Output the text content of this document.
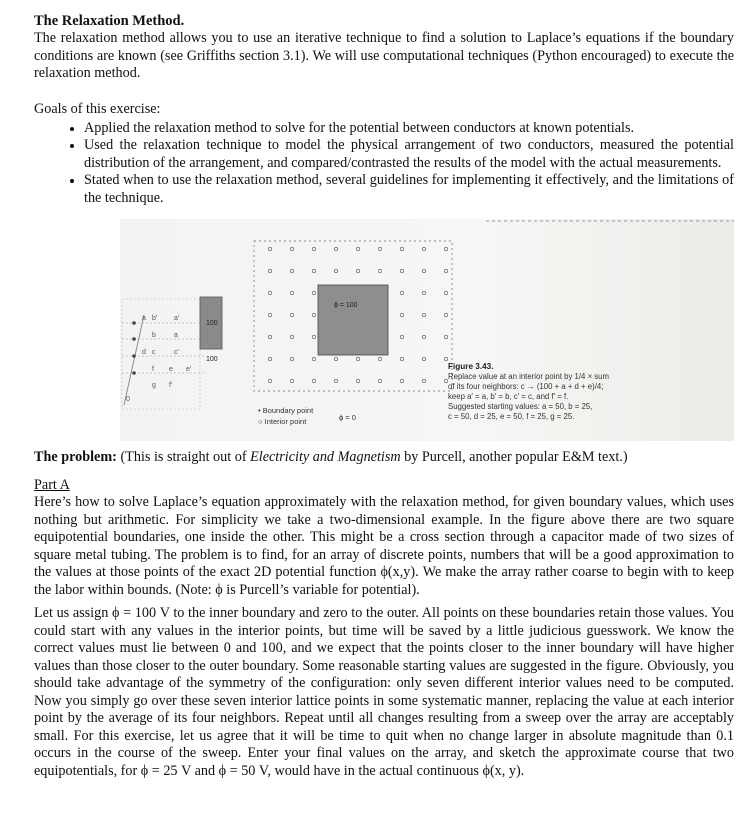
The Relaxation Method.

The relaxation method allows you to use an iterative technique to find a solution to Laplace’s equations if the boundary conditions are known (see Griffiths section 3.1). We will use computational techniques (Python encouraged) to execute the relaxation method.

Goals of this exercise:
• Applied the relaxation method to solve for the potential between conductors at known potentials.
• Used the relaxation technique to model the physical arrangement of two conductors, measured the potential distribution of the arrangement, and compared/contrasted the results of the model with the actual measurements.
• Stated when to use the relaxation method, several guidelines for implementing it effectively, and the limitations of the technique.
a b′ a′
b	a
c
d	c′
f e e′
g f′
0
100
100
ϕ = 100
• Boundary point
○ Interior point	ϕ = 0
Figure 3.43.
Replace value at an interior point by 1/4 × sum
of its four neighbors: c → (100 + a + d + e)/4;
keep a′ = a, b′ = b, c′ = c, and f′ = f.
Suggested starting values: a = 50, b = 25,
c = 50, d = 25, e = 50, f = 25, g = 25.

The problem: (This is straight out of Electricity and Magnetism by Purcell, another popular E&M text.)

Part A

Here’s how to solve Laplace’s equation approximately with the relaxation method, for given boundary values, which uses nothing but arithmetic. For simplicity we take a two-dimensional example. In the figure above there are two square equipotential boundaries, one inside the other. This might be a cross section through a capacitor made of two sizes of square metal tubing. The problem is to find, for an array of discrete points, numbers that will be a good approximation to the values at those points of the exact 2D potential function ϕ(x,y). We make the array rather coarse to begin with to keep the labor within bounds. (Note: ϕ is Purcell’s variable for potential).

Let us assign ϕ = 100 V to the inner boundary and zero to the outer. All points on these boundaries retain those values. You could start with any values in the interior points, but time will be saved by a little judicious guesswork. We know the correct values must lie between 0 and 100, and we expect that the points closer to the inner boundary will have higher values than those closer to the outer boundary. Some reasonable starting values are suggested in the figure. Obviously, you should take advantage of the symmetry of the configuration: only seven different interior values need to be computed. Now you simply go over these seven interior lattice points in some systematic manner, replacing the value at each interior point by the average of its four neighbors. Repeat until all changes resulting from a sweep over the array are acceptably small. For this exercise, let us agree that it will be time to quit when no change larger in absolute magnitude than 0.1 occurs in the course of the sweep. Enter your final values on the array, and sketch the approximate course that two equipotentials, for ϕ = 25 V and ϕ = 50 V, would have in the actual continuous ϕ(x, y).
